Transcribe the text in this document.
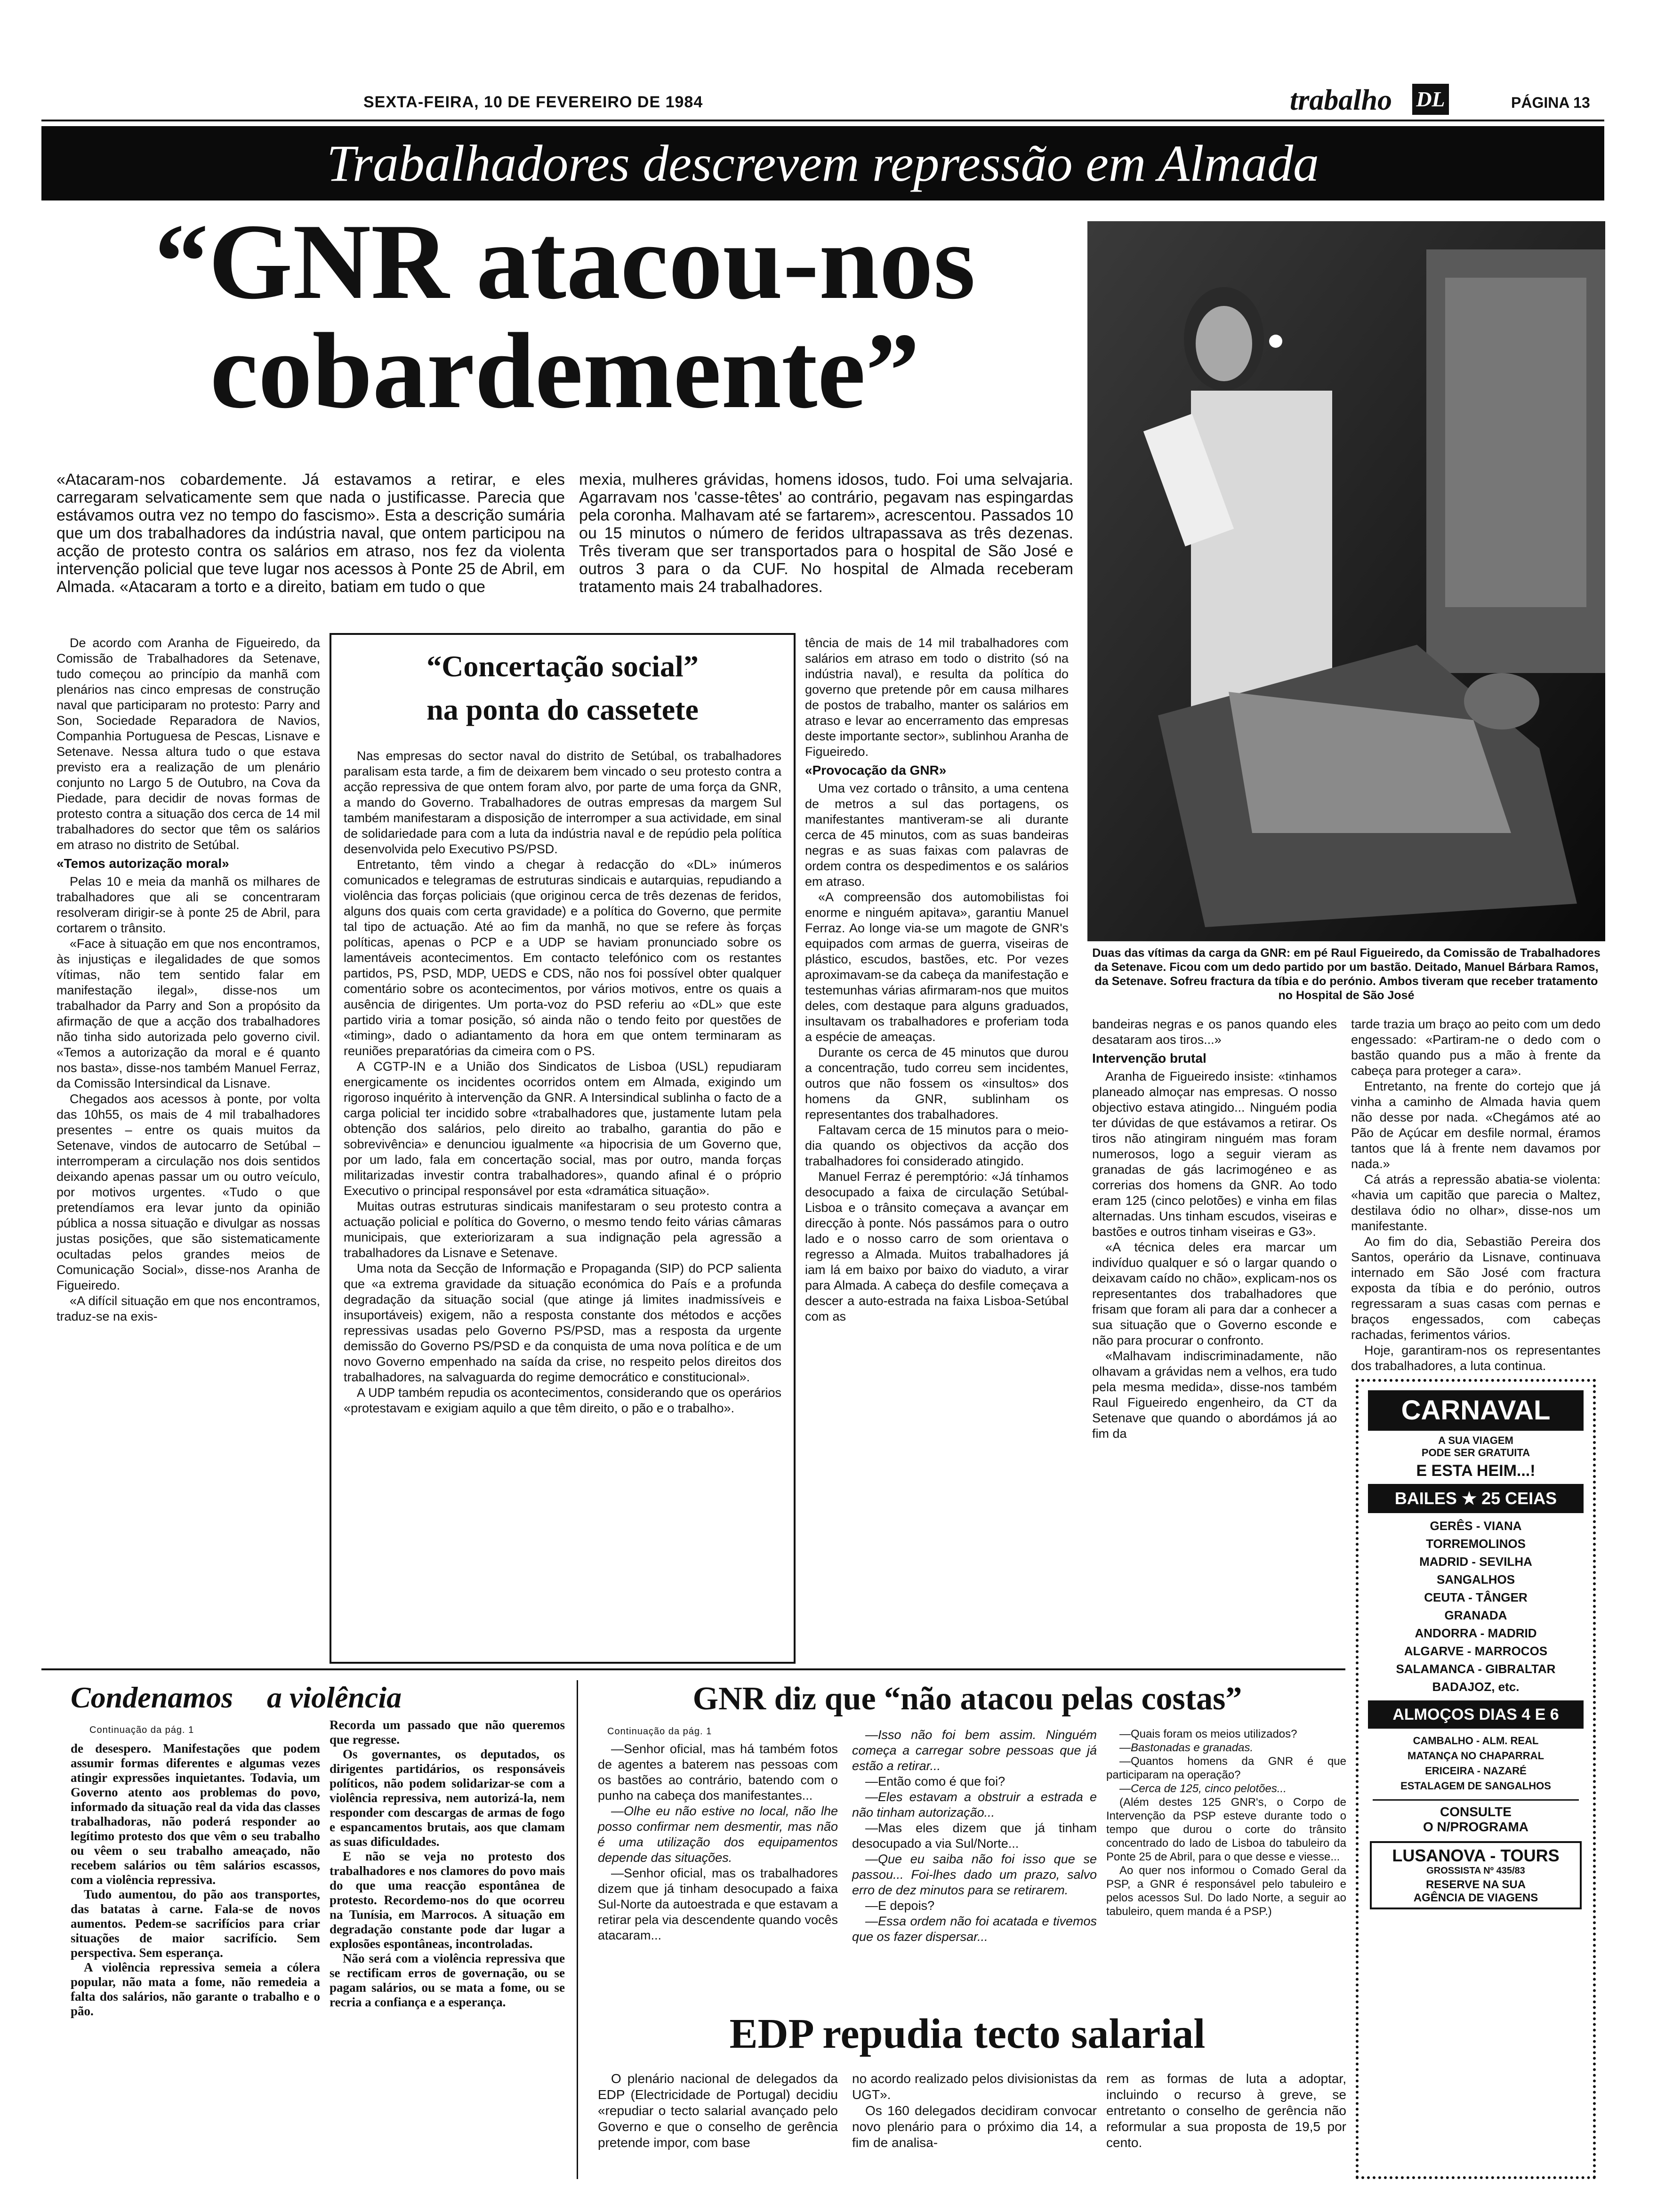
SEXTA-FEIRA, 10 DE FEVEREIRO DE 1984	trabalho DL	PÁGINA 13
Trabalhadores descrevem repressão em Almada
“GNR atacou-nos
cobardemente”

«Atacaram-nos cobardemente. Já estavamos a retirar, e eles carregaram selvaticamente sem que nada o justificasse. Parecia que estávamos outra vez no tempo do fascismo». Esta a descrição sumária que um dos trabalhadores da indústria naval, que ontem participou na acção de protesto contra os salários em atraso, nos fez da violenta intervenção policial que teve lugar nos acessos à Ponte 25 de Abril, em Almada. «Atacaram a torto e a direito, batiam em tudo o que

mexia, mulheres grávidas, homens idosos, tudo. Foi uma selvajaria. Agarravam nos 'casse-têtes' ao contrário, pegavam nas espingardas pela coronha. Malhavam até se fartarem», acrescentou. Passados 10 ou 15 minutos o número de feridos ultrapassava as três dezenas. Três tiveram que ser transportados para o hospital de São José e outros 3 para o da CUF. No hospital de Almada receberam tratamento mais 24 trabalhadores.

Duas das vítimas da carga da GNR: em pé Raul Figueiredo, da Comissão de Trabalhadores da Setenave. Ficou com um dedo partido por um bastão. Deitado, Manuel Bárbara Ramos, da Setenave. Sofreu fractura da tíbia e do perónio. Ambos tiveram que receber tratamento no Hospital de São José

De acordo com Aranha de Figueiredo, da Comissão de Trabalhadores da Setenave, tudo começou ao princípio da manhã com plenários nas cinco empresas de construção naval que participaram no protesto: Parry and Son, Sociedade Reparadora de Navios, Companhia Portuguesa de Pescas, Lisnave e Setenave. Nessa altura tudo o que estava previsto era a realização de um plenário conjunto no Largo 5 de Outubro, na Cova da Piedade, para decidir de novas formas de protesto contra a situação dos cerca de 14 mil trabalhadores do sector que têm os salários em atraso no distrito de Setúbal.

«Temos autorização moral»

Pelas 10 e meia da manhã os milhares de trabalhadores que ali se concentraram resolveram dirigir-se à ponte 25 de Abril, para cortarem o trânsito.

«Face à situação em que nos encontramos, às injustiças e ilegalidades de que somos vítimas, não tem sentido falar em manifestação ilegal», disse-nos um trabalhador da Parry and Son a propósito da afirmação de que a acção dos trabalhadores não tinha sido autorizada pelo governo civil. «Temos a autorização da moral e é quanto nos basta», disse-nos também Manuel Ferraz, da Comissão Intersindical da Lisnave.

Chegados aos acessos à ponte, por volta das 10h55, os mais de 4 mil trabalhadores presentes – entre os quais muitos da Setenave, vindos de autocarro de Setúbal – interromperam a circulação nos dois sentidos deixando apenas passar um ou outro veículo, por motivos urgentes. «Tudo o que pretendíamos era levar junto da opinião pública a nossa situação e divulgar as nossas justas posições, que são sistematicamente ocultadas pelos grandes meios de Comunicação Social», disse-nos Aranha de Figueiredo.

«A difícil situação em que nos encontramos, traduz-se na exis-

“Concertação social”
na ponta do cassetete

Nas empresas do sector naval do distrito de Setúbal, os trabalhadores paralisam esta tarde, a fim de deixarem bem vincado o seu protesto contra a acção repressiva de que ontem foram alvo, por parte de uma força da GNR, a mando do Governo. Trabalhadores de outras empresas da margem Sul também manifestaram a disposição de interromper a sua actividade, em sinal de solidariedade para com a luta da indústria naval e de repúdio pela política desenvolvida pelo Executivo PS/PSD.

Entretanto, têm vindo a chegar à redacção do «DL» inúmeros comunicados e telegramas de estruturas sindicais e autarquias, repudiando a violência das forças policiais (que originou cerca de três dezenas de feridos, alguns dos quais com certa gravidade) e a política do Governo, que permite tal tipo de actuação. Até ao fim da manhã, no que se refere às forças políticas, apenas o PCP e a UDP se haviam pronunciado sobre os lamentáveis acontecimentos. Em contacto telefónico com os restantes partidos, PS, PSD, MDP, UEDS e CDS, não nos foi possível obter qualquer comentário sobre os acontecimentos, por vários motivos, entre os quais a ausência de dirigentes. Um porta-voz do PSD referiu ao «DL» que este partido viria a tomar posição, só ainda não o tendo feito por questões de «timing», dado o adiantamento da hora em que ontem terminaram as reuniões preparatórias da cimeira com o PS.

A CGTP-IN e a União dos Sindicatos de Lisboa (USL) repudiaram energicamente os incidentes ocorridos ontem em Almada, exigindo um rigoroso inquérito à intervenção da GNR. A Intersindical sublinha o facto de a carga policial ter incidido sobre «trabalhadores que, justamente lutam pela obtenção dos salários, pelo direito ao trabalho, garantia do pão e sobrevivência» e denunciou igualmente «a hipocrisia de um Governo que, por um lado, fala em concertação social, mas por outro, manda forças militarizadas investir contra trabalhadores», quando afinal é o próprio Executivo o principal responsável por esta «dramática situação».

Muitas outras estruturas sindicais manifestaram o seu protesto contra a actuação policial e política do Governo, o mesmo tendo feito várias câmaras municipais, que exteriorizaram a sua indignação pela agressão a trabalhadores da Lisnave e Setenave.

Uma nota da Secção de Informação e Propaganda (SIP) do PCP salienta que «a extrema gravidade da situação económica do País e a profunda degradação da situação social (que atinge já limites inadmissíveis e insuportáveis) exigem, não a resposta constante dos métodos e acções repressivas usadas pelo Governo PS/PSD, mas a resposta da urgente demissão do Governo PS/PSD e da conquista de uma nova política e de um novo Governo empenhado na saída da crise, no respeito pelos direitos dos trabalhadores, na salvaguarda do regime democrático e constitucional».

A UDP também repudia os acontecimentos, considerando que os operários «protestavam e exigiam aquilo a que têm direito, o pão e o trabalho».

tência de mais de 14 mil trabalhadores com salários em atraso em todo o distrito (só na indústria naval), e resulta da política do governo que pretende pôr em causa milhares de postos de trabalho, manter os salários em atraso e levar ao encerramento das empresas deste importante sector», sublinhou Aranha de Figueiredo.

«Provocação da GNR»

Uma vez cortado o trânsito, a uma centena de metros a sul das portagens, os manifestantes mantiveram-se ali durante cerca de 45 minutos, com as suas bandeiras negras e as suas faixas com palavras de ordem contra os despedimentos e os salários em atraso.

«A compreensão dos automobilistas foi enorme e ninguém apitava», garantiu Manuel Ferraz. Ao longe via-se um magote de GNR's equipados com armas de guerra, viseiras de plástico, escudos, bastões, etc. Por vezes aproximavam-se da cabeça da manifestação e testemunhas várias afirmaram-nos que muitos deles, com destaque para alguns graduados, insultavam os trabalhadores e proferiam toda a espécie de ameaças.

Durante os cerca de 45 minutos que durou a concentração, tudo correu sem incidentes, outros que não fossem os «insultos» dos homens da GNR, sublinham os representantes dos trabalhadores.

Faltavam cerca de 15 minutos para o meio-dia quando os objectivos da acção dos trabalhadores foi considerado atingido.

Manuel Ferraz é peremptório: «Já tínhamos desocupado a faixa de circulação Setúbal-Lisboa e o trânsito começava a avançar em direcção à ponte. Nós passámos para o outro lado e o nosso carro de som orientava o regresso a Almada. Muitos trabalhadores já iam lá em baixo por baixo do viaduto, a virar para Almada. A cabeça do desfile começava a descer a auto-estrada na faixa Lisboa-Setúbal com as

bandeiras negras e os panos quando eles desataram aos tiros...»

Intervenção brutal

Aranha de Figueiredo insiste: «tinhamos planeado almoçar nas empresas. O nosso objectivo estava atingido... Ninguém podia ter dúvidas de que estávamos a retirar. Os tiros não atingiram ninguém mas foram numerosos, logo a seguir vieram as granadas de gás lacrimogéneo e as correrias dos homens da GNR. Ao todo eram 125 (cinco pelotões) e vinha em filas alternadas. Uns tinham escudos, viseiras e bastões e outros tinham viseiras e G3».

«A técnica deles era marcar um indivíduo qualquer e só o largar quando o deixavam caído no chão», explicam-nos os representantes dos trabalhadores que frisam que foram ali para dar a conhecer a sua situação que o Governo esconde e não para procurar o confronto.

«Malhavam indiscriminadamente, não olhavam a grávidas nem a velhos, era tudo pela mesma medida», disse-nos também Raul Figueiredo engenheiro, da CT da Setenave que quando o abordámos já ao fim da

tarde trazia um braço ao peito com um dedo engessado: «Partiram-ne o dedo com o bastão quando pus a mão à frente da cabeça para proteger a cara».

Entretanto, na frente do cortejo que já vinha a caminho de Almada havia quem não desse por nada. «Chegámos até ao Pão de Açúcar em desfile normal, éramos tantos que lá à frente nem davamos por nada.»

Cá atrás a repressão abatia-se violenta: «havia um capitão que parecia o Maltez, destilava ódio no olhar», disse-nos um manifestante.

Ao fim do dia, Sebastião Pereira dos Santos, operário da Lisnave, continuava internado em São José com fractura exposta da tíbia e do perónio, outros regressaram a suas casas com pernas e braços engessados, com cabeças rachadas, ferimentos vários.

Hoje, garantiram-nos os representantes dos trabalhadores, a luta continua.

CARNAVAL
A SUA VIAGEM
PODE SER GRATUITA
E ESTA HEIM...!
BAILES ★ 25 CEIAS
GERÊS - VIANA
TORREMOLINOS
MADRID - SEVILHA
SANGALHOS
CEUTA - TÂNGER
GRANADA
ANDORRA - MADRID
ALGARVE - MARROCOS
SALAMANCA - GIBRALTAR
BADAJOZ, etc.
ALMOÇOS DIAS 4 E 6
CAMBALHO - ALM. REAL
MATANÇA NO CHAPARRAL
ERICEIRA - NAZARÉ
ESTALAGEM DE SANGALHOS
CONSULTE
O N/PROGRAMA
LUSANOVA - TOURS
GROSSISTA Nº 435/83
RESERVE NA SUA
AGÊNCIA DE VIAGENS
Condenamos a violência
Continuação da pág. 1

de desespero. Manifestações que podem assumir formas diferentes e algumas vezes atingir expressões inquietantes. Todavia, um Governo atento aos problemas do povo, informado da situação real da vida das classes trabalhadoras, não poderá responder ao legítimo protesto dos que vêm o seu trabalho ou vêem o seu trabalho ameaçado, não recebem salários ou têm salários escassos, com a violência repressiva.

Tudo aumentou, do pão aos transportes, das batatas à carne. Fala-se de novos aumentos. Pedem-se sacrifícios para criar situações de maior sacrifício. Sem perspectiva. Sem esperança.

A violência repressiva semeia a cólera popular, não mata a fome, não remedeia a falta dos salários, não garante o trabalho e o pão.

Recorda um passado que não queremos que regresse.

Os governantes, os deputados, os dirigentes partidários, os responsáveis políticos, não podem solidarizar-se com a violência repressiva, nem autorizá-la, nem responder com descargas de armas de fogo e espancamentos brutais, aos que clamam as suas dificuldades.

E não se veja no protesto dos trabalhadores e nos clamores do povo mais do que uma reacção espontânea de protesto. Recordemo-nos do que ocorreu na Tunísia, em Marrocos. A situação em degradação constante pode dar lugar a explosões espontâneas, incontroladas.

Não será com a violência repressiva que se rectificam erros de governação, ou se pagam salários, ou se mata a fome, ou se recria a confiança e a esperança.

GNR diz que “não atacou pelas costas”
Continuação da pág. 1

—Senhor oficial, mas há também fotos de agentes a baterem nas pessoas com os bastões ao contrário, batendo com o punho na cabeça dos manifestantes...

—Olhe eu não estive no local, não lhe posso confirmar nem desmentir, mas não é uma utilização dos equipamentos depende das situações.

—Senhor oficial, mas os trabalhadores dizem que já tinham desocupado a faixa Sul-Norte da autoestrada e que estavam a retirar pela via descendente quando vocês atacaram...

—Isso não foi bem assim. Ninguém começa a carregar sobre pessoas que já estão a retirar...

—Então como é que foi?

—Eles estavam a obstruir a estrada e não tinham autorização...

—Mas eles dizem que já tinham desocupado a via Sul/Norte...

—Que eu saiba não foi isso que se passou... Foi-lhes dado um prazo, salvo erro de dez minutos para se retirarem.

—E depois?

—Essa ordem não foi acatada e tivemos que os fazer dispersar...

—Quais foram os meios utilizados?

—Bastonadas e granadas.

—Quantos homens da GNR é que participaram na operação?

—Cerca de 125, cinco pelotões...

(Além destes 125 GNR's, o Corpo de Intervenção da PSP esteve durante todo o tempo que durou o corte do trânsito concentrado do lado de Lisboa do tabuleiro da Ponte 25 de Abril, para o que desse e viesse...

Ao quer nos informou o Comado Geral da PSP, a GNR é responsável pelo tabuleiro e pelos acessos Sul. Do lado Norte, a seguir ao tabuleiro, quem manda é a PSP.)

EDP repudia tecto salarial

O plenário nacional de delegados da EDP (Electricidade de Portugal) decidiu «repudiar o tecto salarial avançado pelo Governo e que o conselho de gerência pretende impor, com base

no acordo realizado pelos divisionistas da UGT».

Os 160 delegados decidiram convocar novo plenário para o próximo dia 14, a fim de analisa-

rem as formas de luta a adoptar, incluindo o recurso à greve, se entretanto o conselho de gerência não reformular a sua proposta de 19,5 por cento.
